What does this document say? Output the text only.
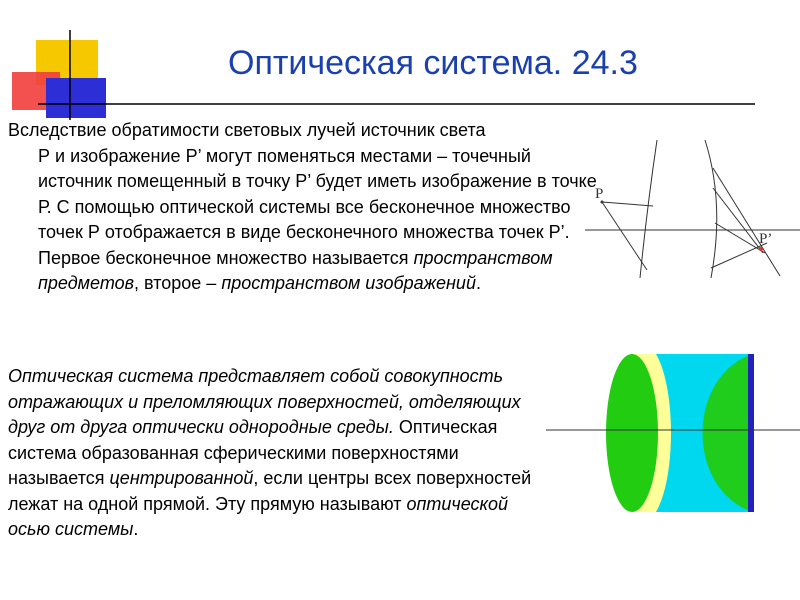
Оптическая система. 24.3
Вследствие обратимости световых лучей источник света
Р и изображение Р’ могут поменяться местами – точечный источник помещенный в точку Р’ будет иметь изображение в точке Р. С помощью оптической системы все бесконечное множество точек Р отображается в виде бесконечного множества точек Р’. Первое бесконечное множество называется пространством предметов, второе – пространством изображений.
P
P’
Оптическая система представляет собой совокупность отражающих и преломляющих поверхностей, отделяющих друг от друга оптически однородные среды. Оптическая система образованная сферическими поверхностями называется центрированной, если центры всех поверхностей лежат на одной прямой. Эту прямую называют оптической осью системы.
